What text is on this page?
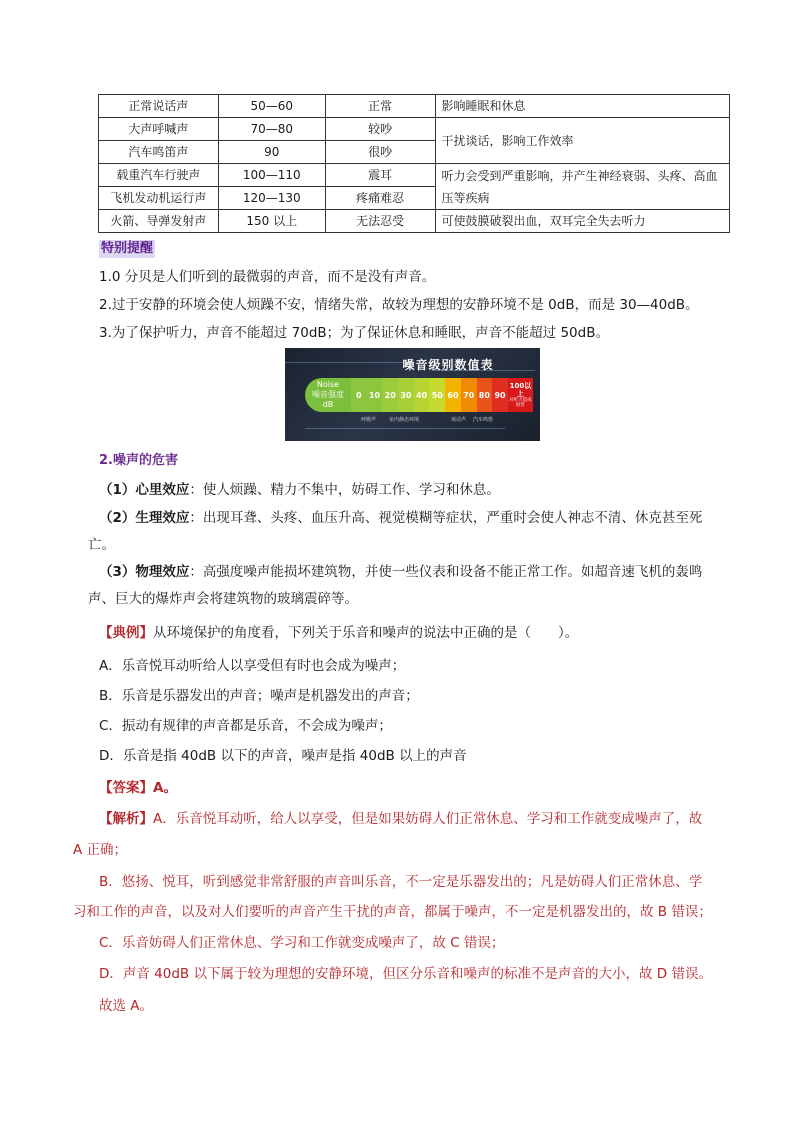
正常说话声	50—60	正常	影响睡眠和休息
大声呼喊声	70—80	较吵	干扰谈话，影响工作效率
汽车鸣笛声	90	很吵	
载重汽车行驶声	100—110	震耳	听力会受到严重影响，并产生神经衰弱、头疼、高血
压等疾病
飞机发动机运行声	120—130	疼痛难忍	
火箭、导弹发射声	150 以上	无法忍受	可使鼓膜破裂出血，双耳完全失去听力
特别提醒
1.0 分贝是人们听到的最微弱的声音，而不是没有声音。
2.过于安静的环境会使人烦躁不安，情绪失常，故较为理想的安静环境不是 0dB，而是 30—40dB。
3.为了保护听力，声音不能超过 70dB；为了保证休息和睡眠，声音不能超过 50dB。
噪音级别数值表
Noise
噪音强度
dB
0 10 20 30 40 50 60 70 80 90
100以上
对听力造成损害
呼吸声	室内静态环境	谈话声 汽车鸣笛
2.噪声的危害
（1）心里效应：使人烦躁、精力不集中，妨碍工作、学习和休息。
（2）生理效应：出现耳聋、头疼、血压升高、视觉模糊等症状，严重时会使人神志不清、休克甚至死
亡。
（3）物理效应：高强度噪声能损坏建筑物，并使一些仪表和设备不能正常工作。如超音速飞机的轰鸣
声、巨大的爆炸声会将建筑物的玻璃震碎等。
【典例】从环境保护的角度看，下列关于乐音和噪声的说法中正确的是（　　）。
A．乐音悦耳动听给人以享受但有时也会成为噪声；
B．乐音是乐器发出的声音；噪声是机器发出的声音；
C．振动有规律的声音都是乐音，不会成为噪声；
D．乐音是指 40dB 以下的声音，噪声是指 40dB 以上的声音
【答案】A。
【解析】A．乐音悦耳动听，给人以享受，但是如果妨碍人们正常休息、学习和工作就变成噪声了，故
A 正确；
B．悠扬、悦耳，听到感觉非常舒服的声音叫乐音，不一定是乐器发出的；凡是妨碍人们正常休息、学
习和工作的声音，以及对人们要听的声音产生干扰的声音，都属于噪声，不一定是机器发出的，故 B 错误；
C．乐音妨碍人们正常休息、学习和工作就变成噪声了，故 C 错误；
D．声音 40dB 以下属于较为理想的安静环境，但区分乐音和噪声的标准不是声音的大小，故 D 错误。
故选 A。
